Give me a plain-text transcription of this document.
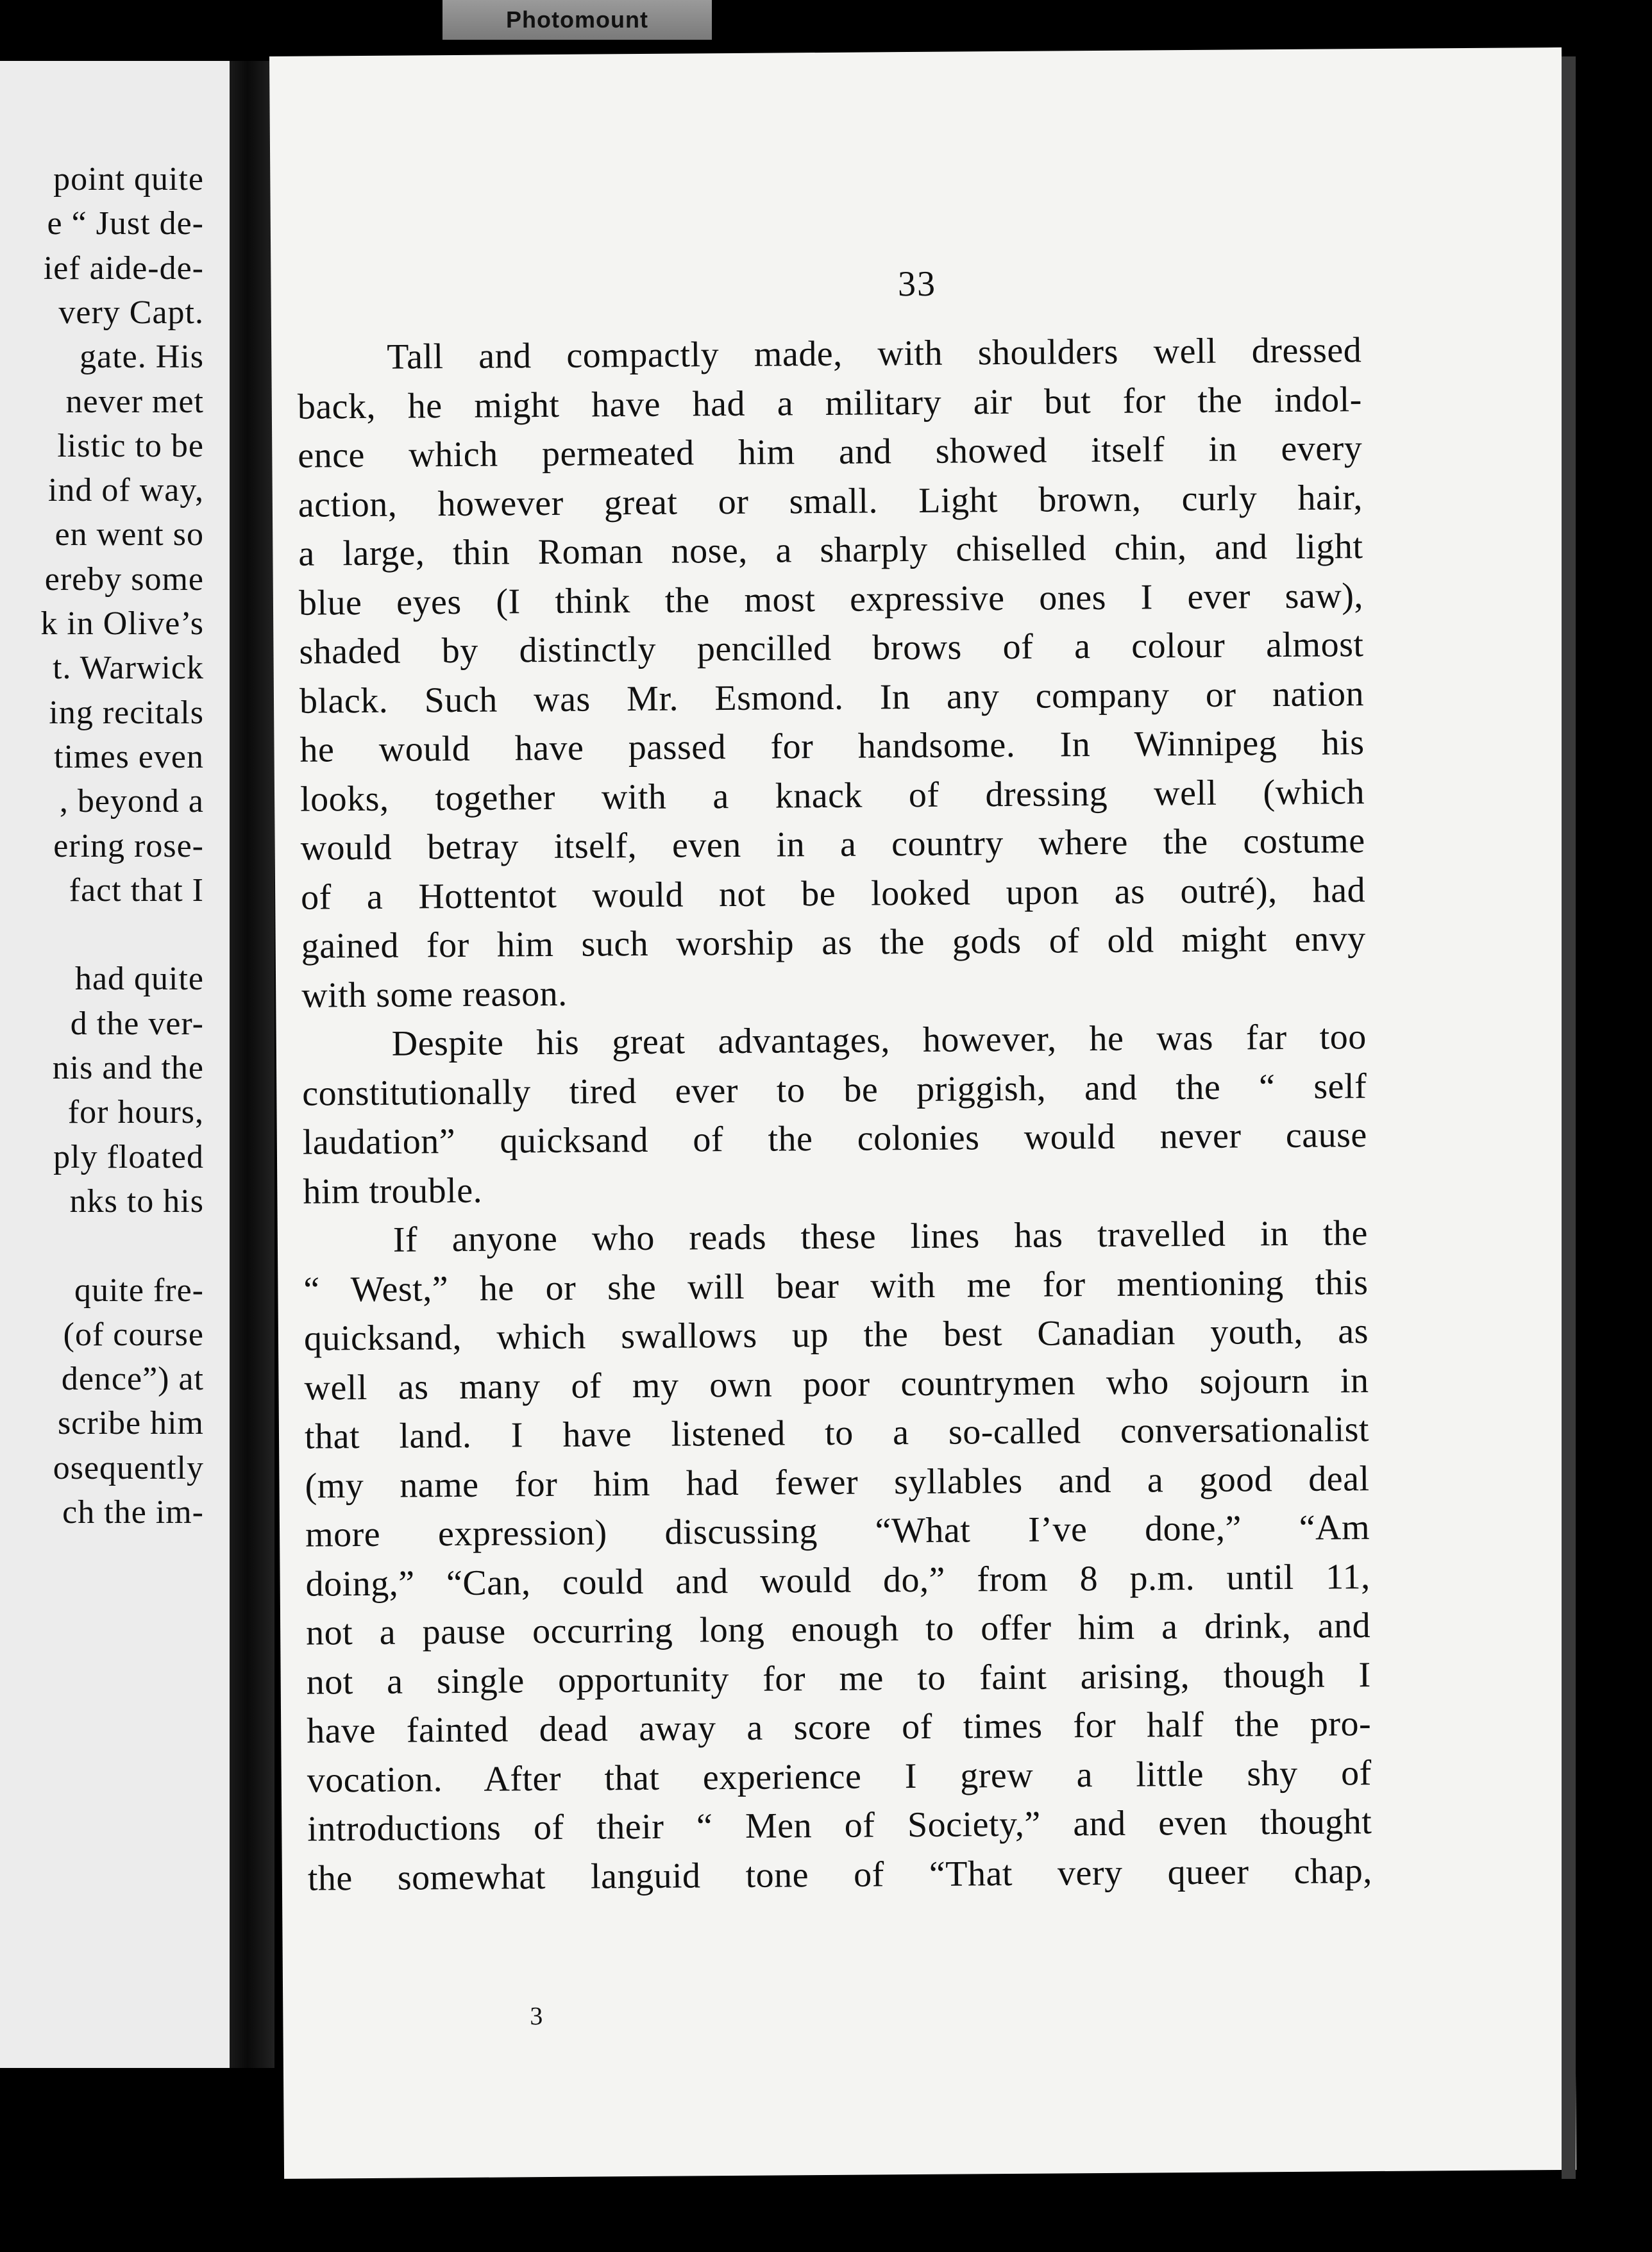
Photomount
point quite
e “ Just de-
ief aide-de-
very Capt.
gate. His
never met
listic to be
ind of way,
en went so
ereby some
k in Olive’s
t. Warwick
ing recitals
times even
, beyond a
ering rose-
fact that I
had quite
d the ver-
nis and the
for hours,
ply floated
nks to his
quite fre-
(of course
dence”) at
scribe him
osequently
ch the im-
33
Tall and compactly made, with shoulders well dressed
back, he might have had a military air but for the indol-
ence which permeated him and showed itself in every
action, however great or small. Light brown, curly hair,
a large, thin Roman nose, a sharply chiselled chin, and light
blue eyes (I think the most expressive ones I ever saw),
shaded by distinctly pencilled brows of a colour almost
black. Such was Mr. Esmond. In any company or nation
he would have passed for handsome. In Winnipeg his
looks, together with a knack of dressing well (which
would betray itself, even in a country where the costume
of a Hottentot would not be looked upon as outré), had
gained for him such worship as the gods of old might envy
with some reason.
Despite his great advantages, however, he was far too
constitutionally tired ever to be priggish, and the “ self
laudation” quicksand of the colonies would never cause
him trouble.
If anyone who reads these lines has travelled in the
“ West,” he or she will bear with me for mentioning this
quicksand, which swallows up the best Canadian youth, as
well as many of my own poor countrymen who sojourn in
that land. I have listened to a so-called conversationalist
(my name for him had fewer syllables and a good deal
more expression) discussing “What I’ve done,” “Am
doing,” “Can, could and would do,” from 8 p.m. until 11,
not a pause occurring long enough to offer him a drink, and
not a single opportunity for me to faint arising, though I
have fainted dead away a score of times for half the pro-
vocation. After that experience I grew a little shy of
introductions of their “ Men of Society,” and even thought
the somewhat languid tone of “That very queer chap,
3
